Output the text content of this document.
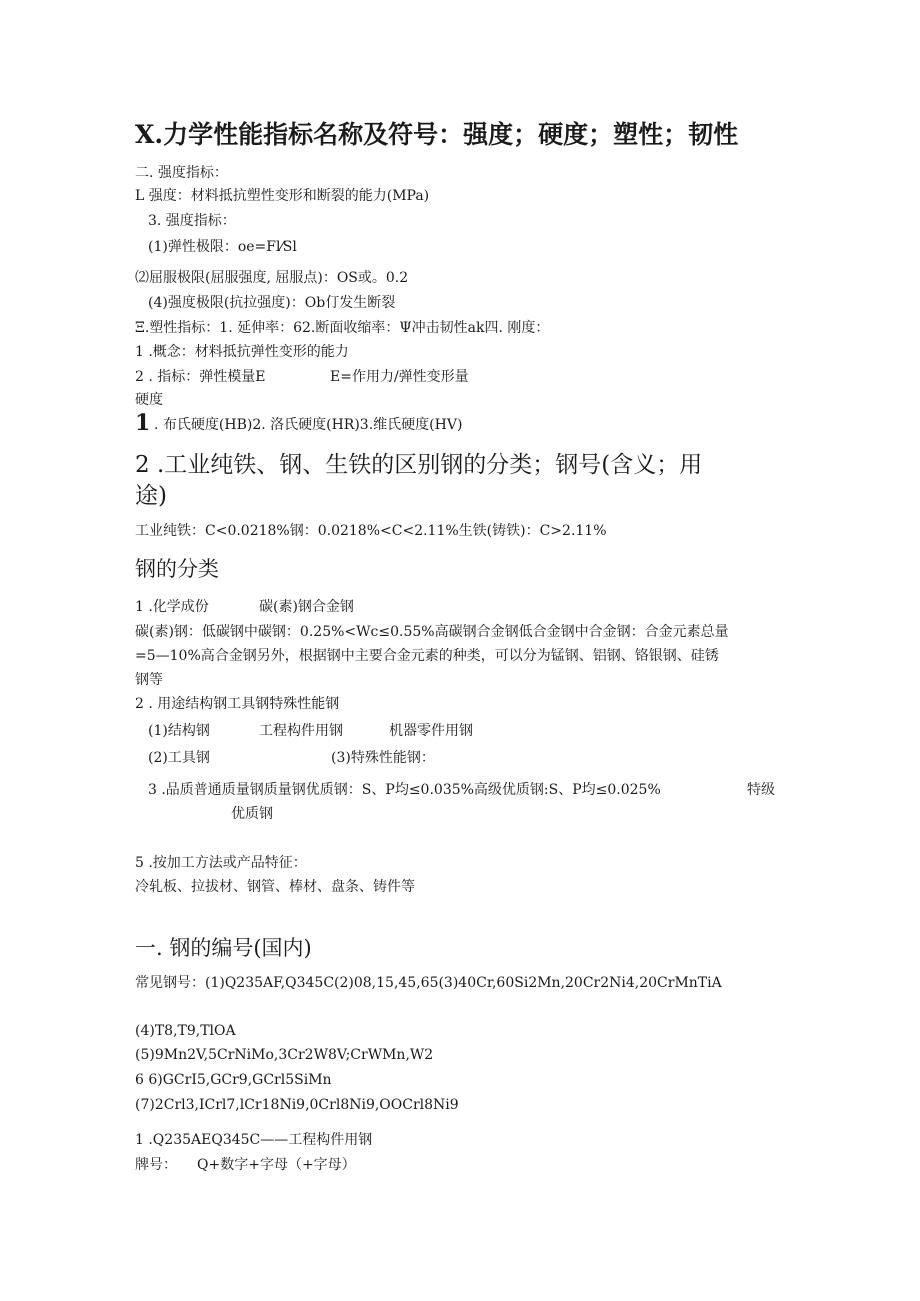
X.力学性能指标名称及符号：强度；硬度；塑性；韧性
二. 强度指标：
L 强度：材料抵抗塑性变形和断裂的能力(MPa)
3. 强度指标：
(1)弹性极限：oe=Fl⁄Sl
⑵屈服极限(屈服强度, 屈服点)：OS或。0.2
(4)强度极限(抗拉强度)：Ob仃发生断裂
Ξ.塑性指标：1. 延伸率：62.断面收缩率：Ψ冲击韧性ak四. 刚度：
1 .概念：材料抵抗弹性变形的能力
2 . 指标：弹性模量E	E=作用力/弹性变形量
硬度
1 . 布氏硬度(HB)2. 洛氏硬度(HR)3.维氏硬度(HV)
2 .工业纯铁、钢、生铁的区别钢的分类；钢号(含义；用
途)
工业纯铁：C<0.0218%钢：0.0218%<C<2.11%生铁(铸铁)：C>2.11%
钢的分类
1 .化学成份	碳(素)钢合金钢
碳(素)钢：低碳钢中碳钢：0.25%<Wc≤0.55%高碳钢合金钢低合金钢中合金钢：合金元素总量
=5—10%高合金钢另外，根据钢中主要合金元素的种类，可以分为锰钢、铝钢、铬银钢、硅锈
钢等
2 . 用途结构钢工具钢特殊性能钢
(1)结构钢	工程构件用钢	机器零件用钢
(2)工具钢	(3)特殊性能钢：
3 .品质普通质量钢质量钢优质钢：S、P均≤0.035%高级优质钢:S、P均≤0.025%	特级
优质钢
5 .按加工方法或产品特征：
冷轧板、拉拔材、钢管、棒材、盘条、铸件等
一. 钢的编号(国内)
常见钢号：(1)Q235AF,Q345C(2)08,15,45,65(3)40Cr,60Si2Mn,20Cr2Ni4,20CrMnTiA
(4)T8,T9,TlOA
(5)9Mn2V,5CrNiMo,3Cr2W8V;CrWMn,W2
6 6)GCrI5,GCr9,GCrl5SiMn
(7)2Crl3,ICrl7,lCr18Ni9,0Crl8Ni9,OOCrl8Ni9
1 .Q235AEQ345C——工程构件用钢
牌号： Q+数字+字母（+字母）
